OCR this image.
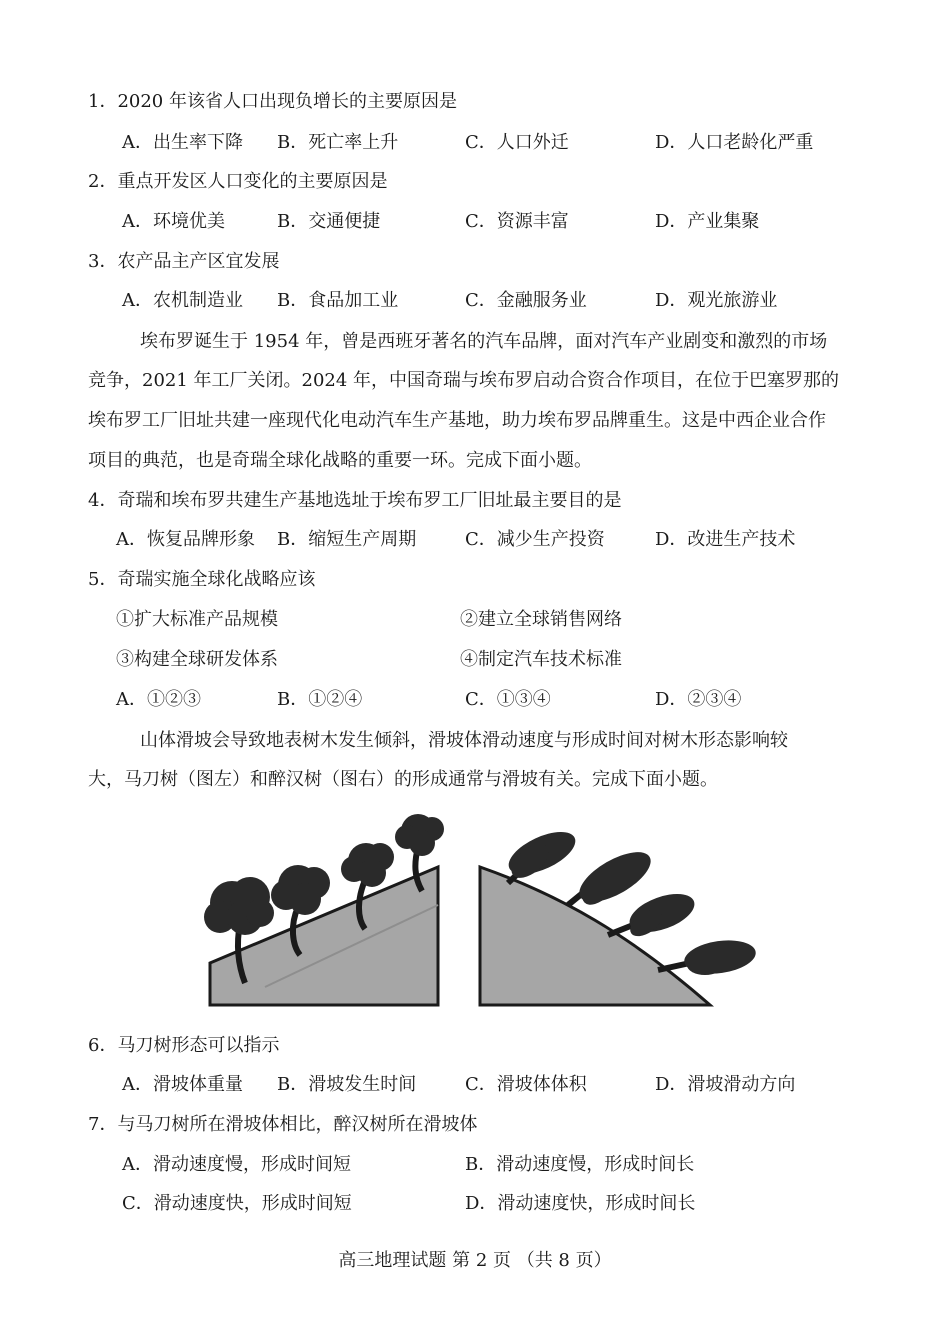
1．2020 年该省人口出现负增长的主要原因是
A．出生率下降 B．死亡率上升	C．人口外迁	D．人口老龄化严重
2．重点开发区人口变化的主要原因是
A．环境优美	B．交通便捷	C．资源丰富	D．产业集聚
3．农产品主产区宜发展
A．农机制造业 B．食品加工业	C．金融服务业	D．观光旅游业
埃布罗诞生于 1954 年，曾是西班牙著名的汽车品牌，面对汽车产业剧变和激烈的市场
竞争，2021 年工厂关闭。2024 年，中国奇瑞与埃布罗启动合资合作项目，在位于巴塞罗那的
埃布罗工厂旧址共建一座现代化电动汽车生产基地，助力埃布罗品牌重生。这是中西企业合作
项目的典范，也是奇瑞全球化战略的重要一环。完成下面小题。
4．奇瑞和埃布罗共建生产基地选址于埃布罗工厂旧址最主要目的是
A．恢复品牌形象 B．缩短生产周期	C．减少生产投资	D．改进生产技术
5．奇瑞实施全球化战略应该
①扩大标准产品规模	②建立全球销售网络
③构建全球研发体系	④制定汽车技术标准
A．①②③	B．①②④	C．①③④	D．②③④
山体滑坡会导致地表树木发生倾斜，滑坡体滑动速度与形成时间对树木形态影响较
大，马刀树（图左）和醉汉树（图右）的形成通常与滑坡有关。完成下面小题。
6．马刀树形态可以指示
A．滑坡体重量 B．滑坡发生时间	C．滑坡体体积	D．滑坡滑动方向
7．与马刀树所在滑坡体相比，醉汉树所在滑坡体
A．滑动速度慢，形成时间短	B．滑动速度慢，形成时间长
C．滑动速度快，形成时间短	D．滑动速度快，形成时间长
高三地理试题 第 2 页 （共 8 页）
